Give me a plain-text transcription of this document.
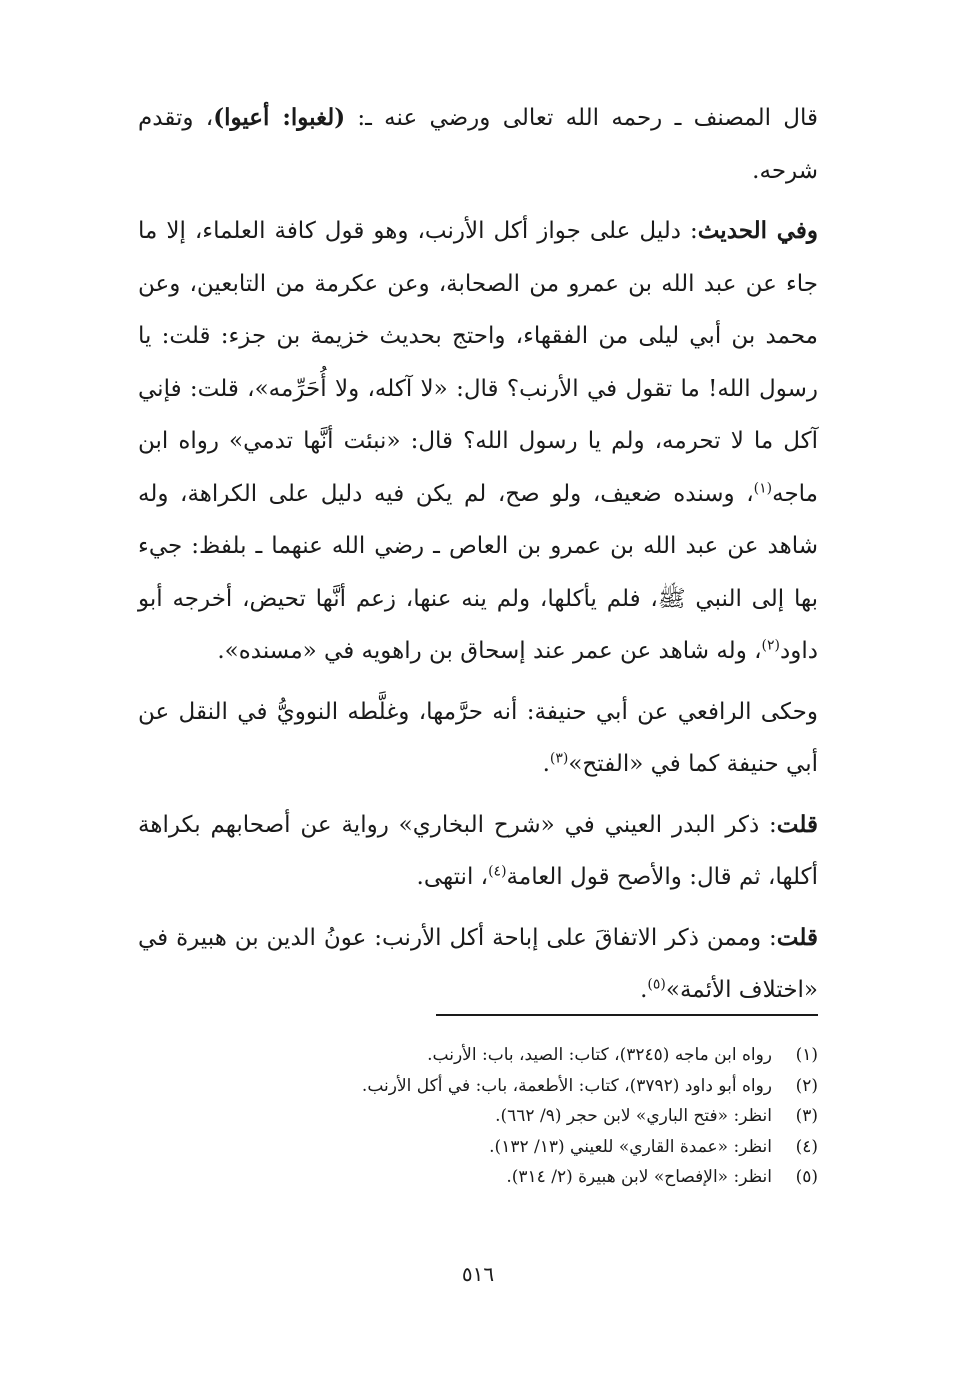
قال المصنف ـ رحمه الله تعالى ورضي عنه ـ: (لغبوا: أعيوا)، وتقدم شرحه.

وفي الحديث: دليل على جواز أكل الأرنب، وهو قول كافة العلماء، إلا ما جاء عن عبد الله بن عمرو من الصحابة، وعن عكرمة من التابعين، وعن محمد بن أبي ليلى من الفقهاء، واحتج بحديث خزيمة بن جزء: قلت: يا رسول الله! ما تقول في الأرنب؟ قال: «لا آكله، ولا أُحَرِّمه»، قلت: فإني آكل ما لا تحرمه، ولم يا رسول الله؟ قال: «نبئت أنَّها تدمي» رواه ابن ماجه$^{(١)}$، وسنده ضعيف، ولو صح، لم يكن فيه دليل على الكراهة، وله شاهد عن عبد الله بن عمرو بن العاص ـ رضي الله عنهما ـ بلفظ: جيء بها إلى النبي ﷺ، فلم يأكلها، ولم ينه عنها، زعم أنَّها تحيض، أخرجه أبو داود$^{(٢)}$، وله شاهد عن عمر عند إسحاق بن راهويه في «مسنده».

وحكى الرافعي عن أبي حنيفة: أنه حرَّمها، وغلَّطه النوويُّ في النقل عن أبي حنيفة كما في «الفتح»$^{(٣)}$.

قلت: ذكر البدر العيني في «شرح البخاري» رواية عن أصحابهم بكراهة أكلها، ثم قال: والأصح قول العامة$^{(٤)}$، انتهى.

قلت: وممن ذكر الاتفاقَ على إباحة أكل الأرنب: عونُ الدين بن هبيرة في «اختلاف الأئمة»$^{(٥)}$.

(١)
رواه ابن ماجه (٣٢٤٥)، كتاب: الصيد، باب: الأرنب.
(٢)
رواه أبو داود (٣٧٩٢)، كتاب: الأطعمة، باب: في أكل الأرنب.
(٣)
انظر: «فتح الباري» لابن حجر (٩/ ٦٦٢).
(٤)
انظر: «عمدة القاري» للعيني (١٣/ ١٣٢).
(٥)
انظر: «الإفصاح» لابن هبيرة (٢/ ٣١٤).
٥١٦
